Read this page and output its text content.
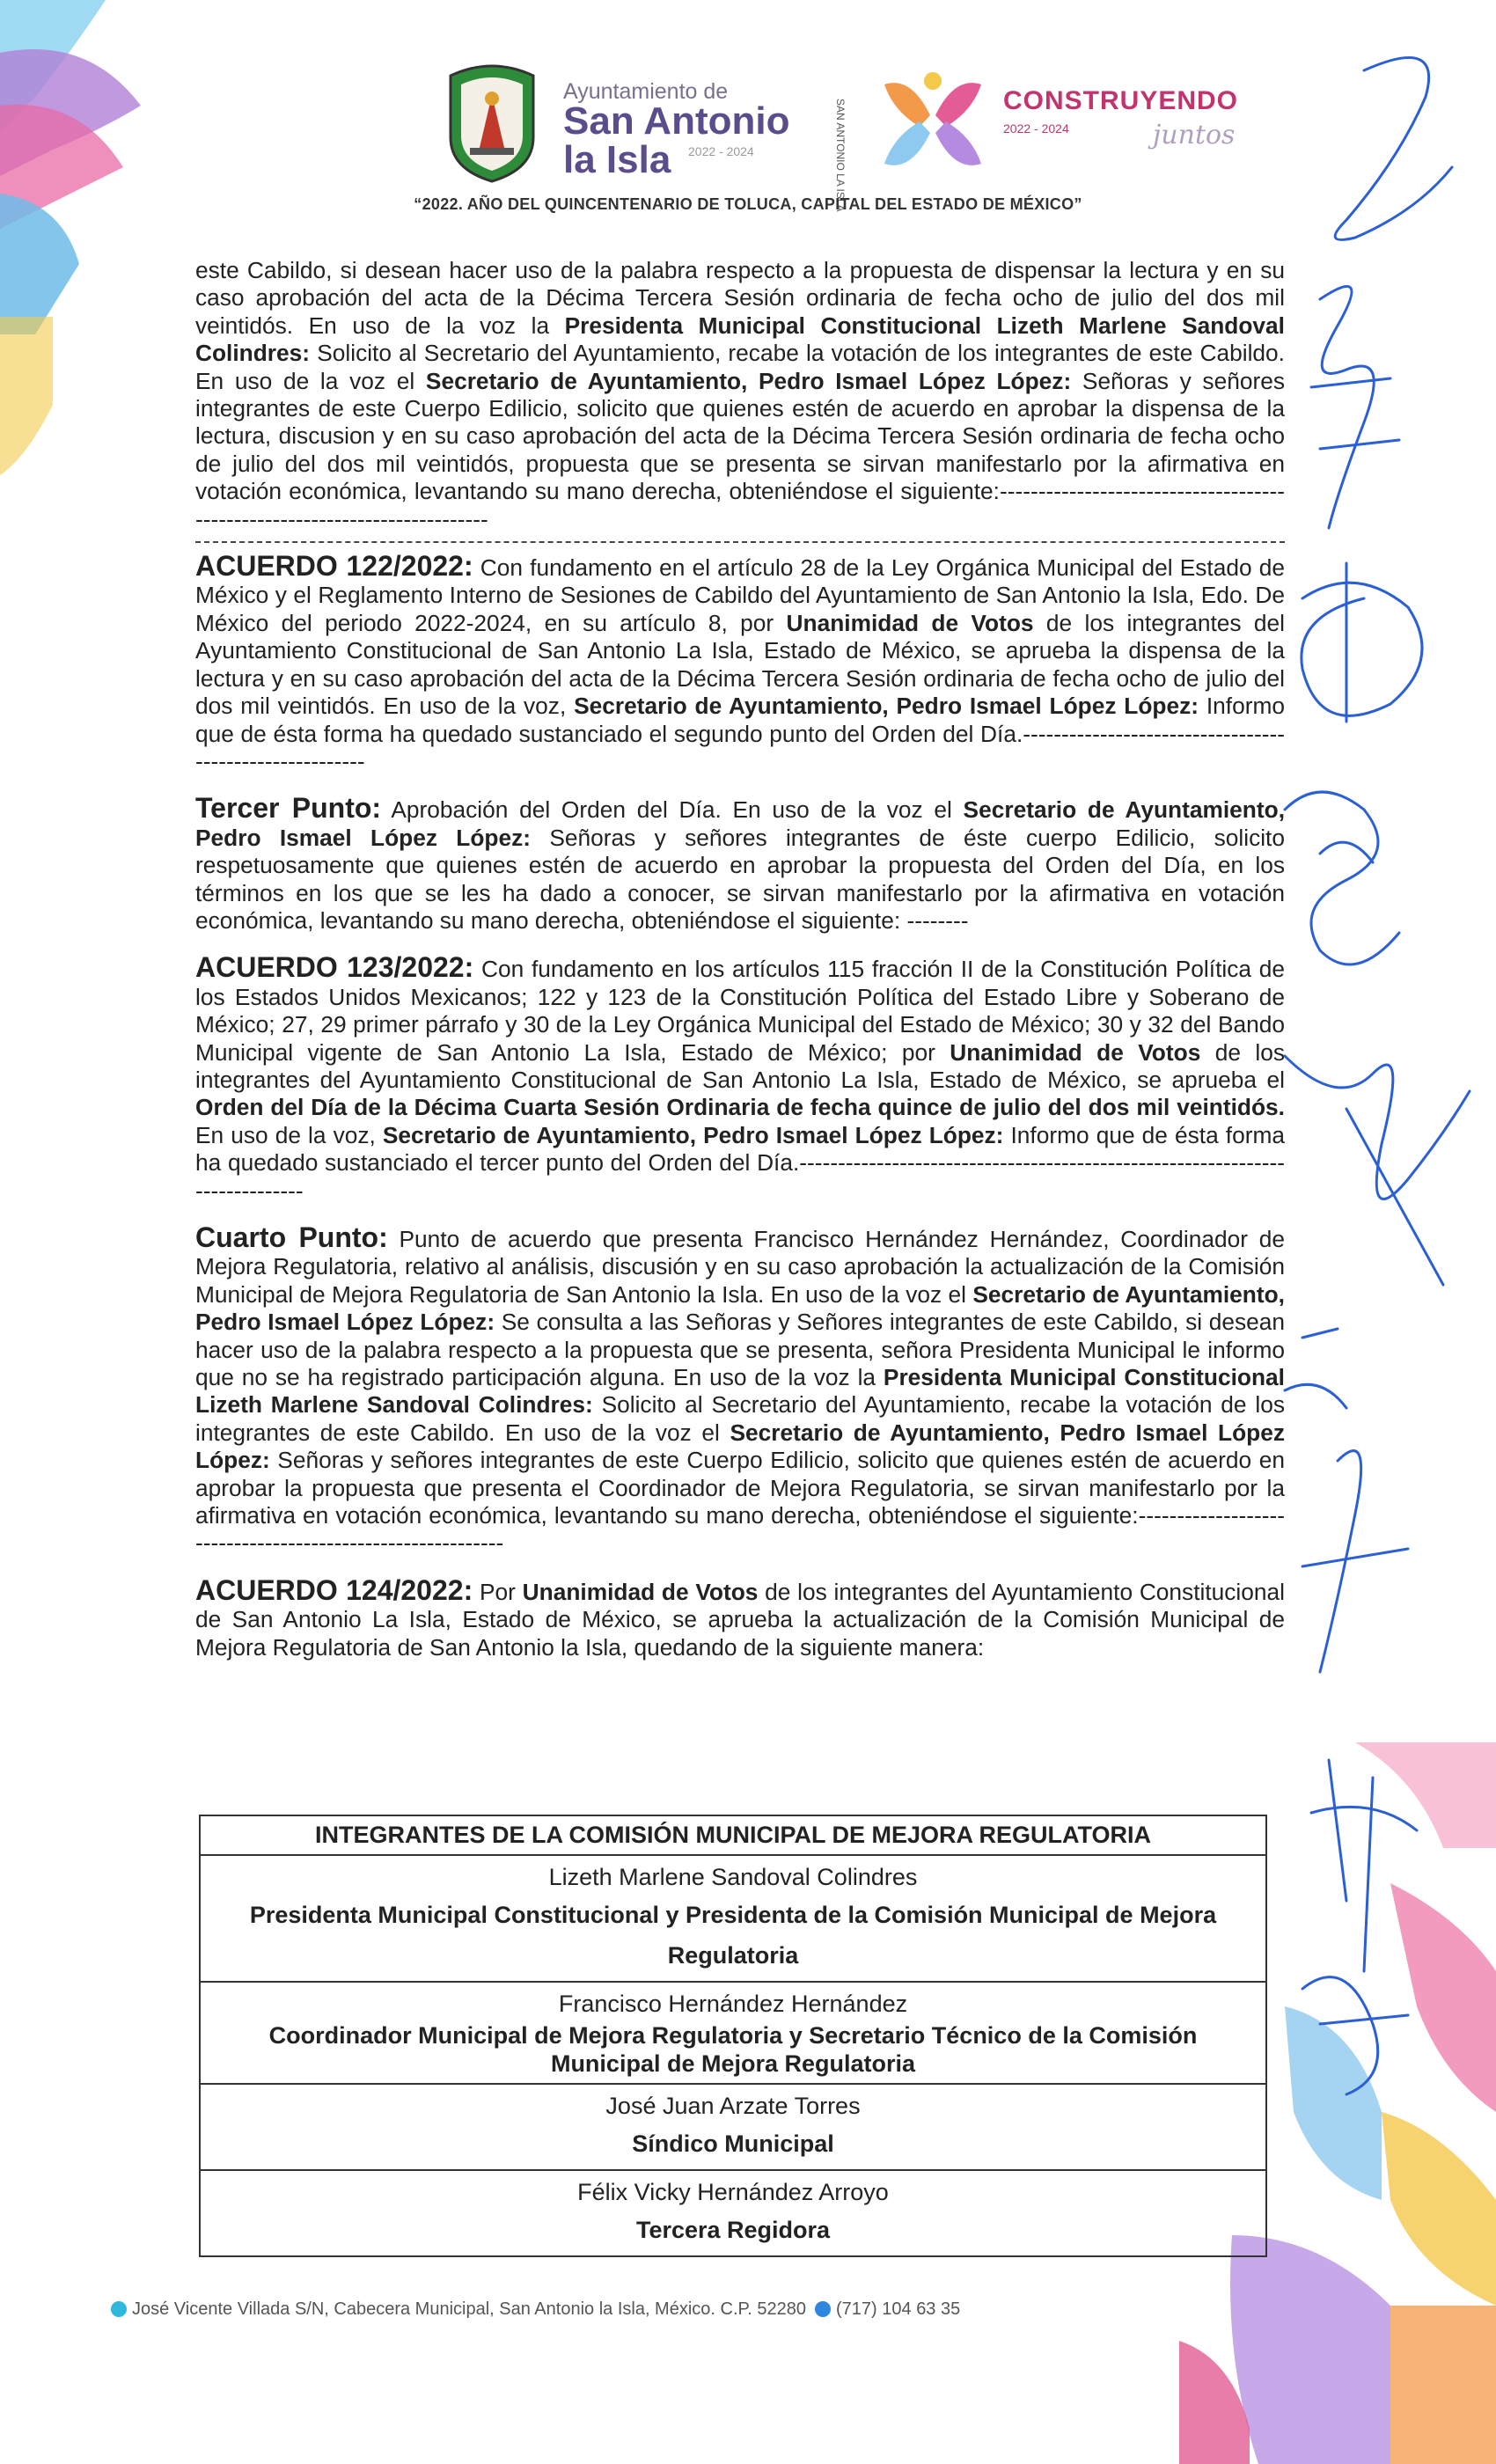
Ayuntamiento de
San Antonio la Isla	2022 - 2024	SAN ANTONIO LA ISLA	CONSTRUYENDO
2022 - 2024	juntos
“2022. AÑO DEL QUINCENTENARIO DE TOLUCA, CAPITAL DEL ESTADO DE MÉXICO”

este Cabildo, si desean hacer uso de la palabra respecto a la propuesta de dispensar la lectura y en su caso aprobación del acta de la Décima Tercera Sesión ordinaria de fecha ocho de julio del dos mil veintidós. En uso de la voz la Presidenta Municipal Constitucional Lizeth Marlene Sandoval Colindres: Solicito al Secretario del Ayuntamiento, recabe la votación de los integrantes de este Cabildo. En uso de la voz el Secretario de Ayuntamiento, Pedro Ismael López López: Señoras y señores integrantes de este Cuerpo Edilicio, solicito que quienes estén de acuerdo en aprobar la dispensa de la lectura, discusion y en su caso aprobación del acta de la Décima Tercera Sesión ordinaria de fecha ocho de julio del dos mil veintidós, propuesta que se presenta se sirvan manifestarlo por la afirmativa en votación económica, levantando su mano derecha, obteniéndose el siguiente:---------------------------------------------------------------------------

ACUERDO 122/2022: Con fundamento en el artículo 28 de la Ley Orgánica Municipal del Estado de México y el Reglamento Interno de Sesiones de Cabildo del Ayuntamiento de San Antonio la Isla, Edo. De México del periodo 2022-2024, en su artículo 8, por Unanimidad de Votos de los integrantes del Ayuntamiento Constitucional de San Antonio La Isla, Estado de México, se aprueba la dispensa de la lectura y en su caso aprobación del acta de la Décima Tercera Sesión ordinaria de fecha ocho de julio del dos mil veintidós. En uso de la voz, Secretario de Ayuntamiento, Pedro Ismael López López: Informo que de ésta forma ha quedado sustanciado el segundo punto del Orden del Día.--------------------------------------------------------

Tercer Punto: Aprobación del Orden del Día. En uso de la voz el Secretario de Ayuntamiento, Pedro Ismael López López: Señoras y señores integrantes de éste cuerpo Edilicio, solicito respetuosamente que quienes estén de acuerdo en aprobar la propuesta del Orden del Día, en los términos en los que se les ha dado a conocer, se sirvan manifestarlo por la afirmativa en votación económica, levantando su mano derecha, obteniéndose el siguiente: --------

ACUERDO 123/2022: Con fundamento en los artículos 115 fracción II de la Constitución Política de los Estados Unidos Mexicanos; 122 y 123 de la Constitución Política del Estado Libre y Soberano de México; 27, 29 primer párrafo y 30 de la Ley Orgánica Municipal del Estado de México; 30 y 32 del Bando Municipal vigente de San Antonio La Isla, Estado de México; por Unanimidad de Votos de los integrantes del Ayuntamiento Constitucional de San Antonio La Isla, Estado de México, se aprueba el Orden del Día de la Décima Cuarta Sesión Ordinaria de fecha quince de julio del dos mil veintidós. En uso de la voz, Secretario de Ayuntamiento, Pedro Ismael López López: Informo que de ésta forma ha quedado sustanciado el tercer punto del Orden del Día.-----------------------------------------------------------------------------

Cuarto Punto: Punto de acuerdo que presenta Francisco Hernández Hernández, Coordinador de Mejora Regulatoria, relativo al análisis, discusión y en su caso aprobación la actualización de la Comisión Municipal de Mejora Regulatoria de San Antonio la Isla. En uso de la voz el Secretario de Ayuntamiento, Pedro Ismael López López: Se consulta a las Señoras y Señores integrantes de este Cabildo, si desean hacer uso de la palabra respecto a la propuesta que se presenta, señora Presidenta Municipal le informo que no se ha registrado participación alguna. En uso de la voz la Presidenta Municipal Constitucional Lizeth Marlene Sandoval Colindres: Solicito al Secretario del Ayuntamiento, recabe la votación de los integrantes de este Cabildo. En uso de la voz el Secretario de Ayuntamiento, Pedro Ismael López López: Señoras y señores integrantes de este Cuerpo Edilicio, solicito que quienes estén de acuerdo en aprobar la propuesta que presenta el Coordinador de Mejora Regulatoria, se sirvan manifestarlo por la afirmativa en votación económica, levantando su mano derecha, obteniéndose el siguiente:-----------------------------------------------------------

ACUERDO 124/2022: Por Unanimidad de Votos de los integrantes del Ayuntamiento Constitucional de San Antonio La Isla, Estado de México, se aprueba la actualización de la Comisión Municipal de Mejora Regulatoria de San Antonio la Isla, quedando de la siguiente manera:

INTEGRANTES DE LA COMISIÓN MUNICIPAL DE MEJORA REGULATORIA

Lizeth Marlene Sandoval Colindres
Presidenta Municipal Constitucional y Presidenta de la Comisión Municipal de Mejora Regulatoria

Francisco Hernández Hernández
Coordinador Municipal de Mejora Regulatoria y Secretario Técnico de la Comisión Municipal de Mejora Regulatoria

José Juan Arzate Torres
Síndico Municipal

Félix Vicky Hernández Arroyo
Tercera Regidora
José Vicente Villada S/N, Cabecera Municipal, San Antonio la Isla, México. C.P. 52280 (717) 104 63 35
